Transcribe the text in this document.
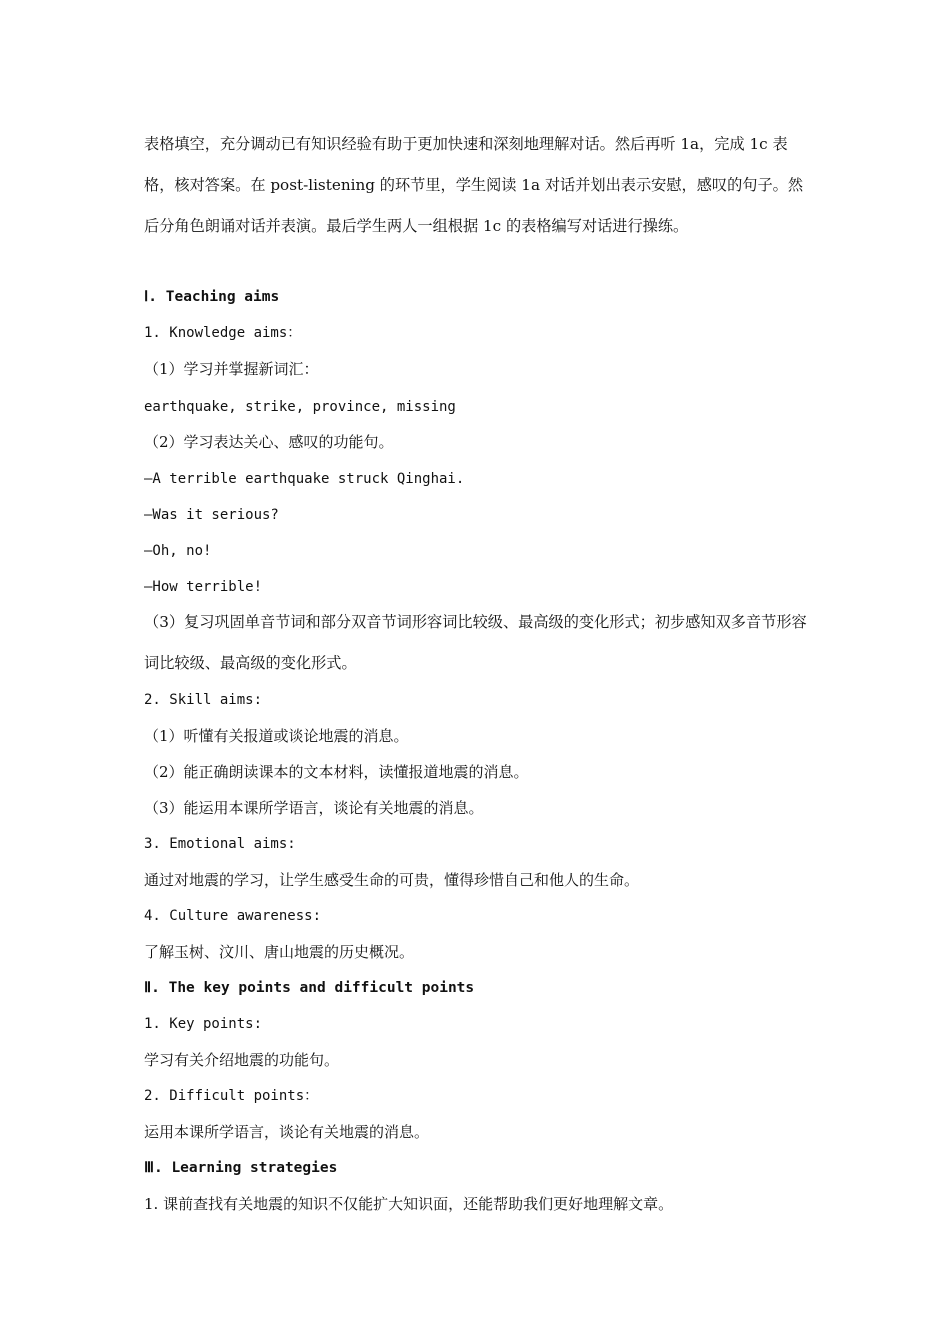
表格填空，充分调动已有知识经验有助于更加快速和深刻地理解对话。然后再听 1a，完成 1c 表格，核对答案。在 post-listening 的环节里，学生阅读 1a 对话并划出表示安慰，感叹的句子。然后分角色朗诵对话并表演。最后学生两人一组根据 1c 的表格编写对话进行操练。
Ⅰ. Teaching aims
1. Knowledge aims：
（1）学习并掌握新词汇：
earthquake, strike, province, missing
（2）学习表达关心、感叹的功能句。
—A terrible earthquake struck Qinghai.
—Was it serious?
—Oh, no!
—How terrible!
（3）复习巩固单音节词和部分双音节词形容词比较级、最高级的变化形式；初步感知双多音节形容词比较级、最高级的变化形式。
2. Skill aims:
（1）听懂有关报道或谈论地震的消息。
（2）能正确朗读课本的文本材料，读懂报道地震的消息。
（3）能运用本课所学语言，谈论有关地震的消息。
3. Emotional aims:
通过对地震的学习，让学生感受生命的可贵，懂得珍惜自己和他人的生命。
4. Culture awareness:
了解玉树、汶川、唐山地震的历史概况。
Ⅱ. The key points and difficult points
1. Key points:
学习有关介绍地震的功能句。
2. Difficult points：
运用本课所学语言，谈论有关地震的消息。
Ⅲ. Learning strategies
1. 课前查找有关地震的知识不仅能扩大知识面，还能帮助我们更好地理解文章。
